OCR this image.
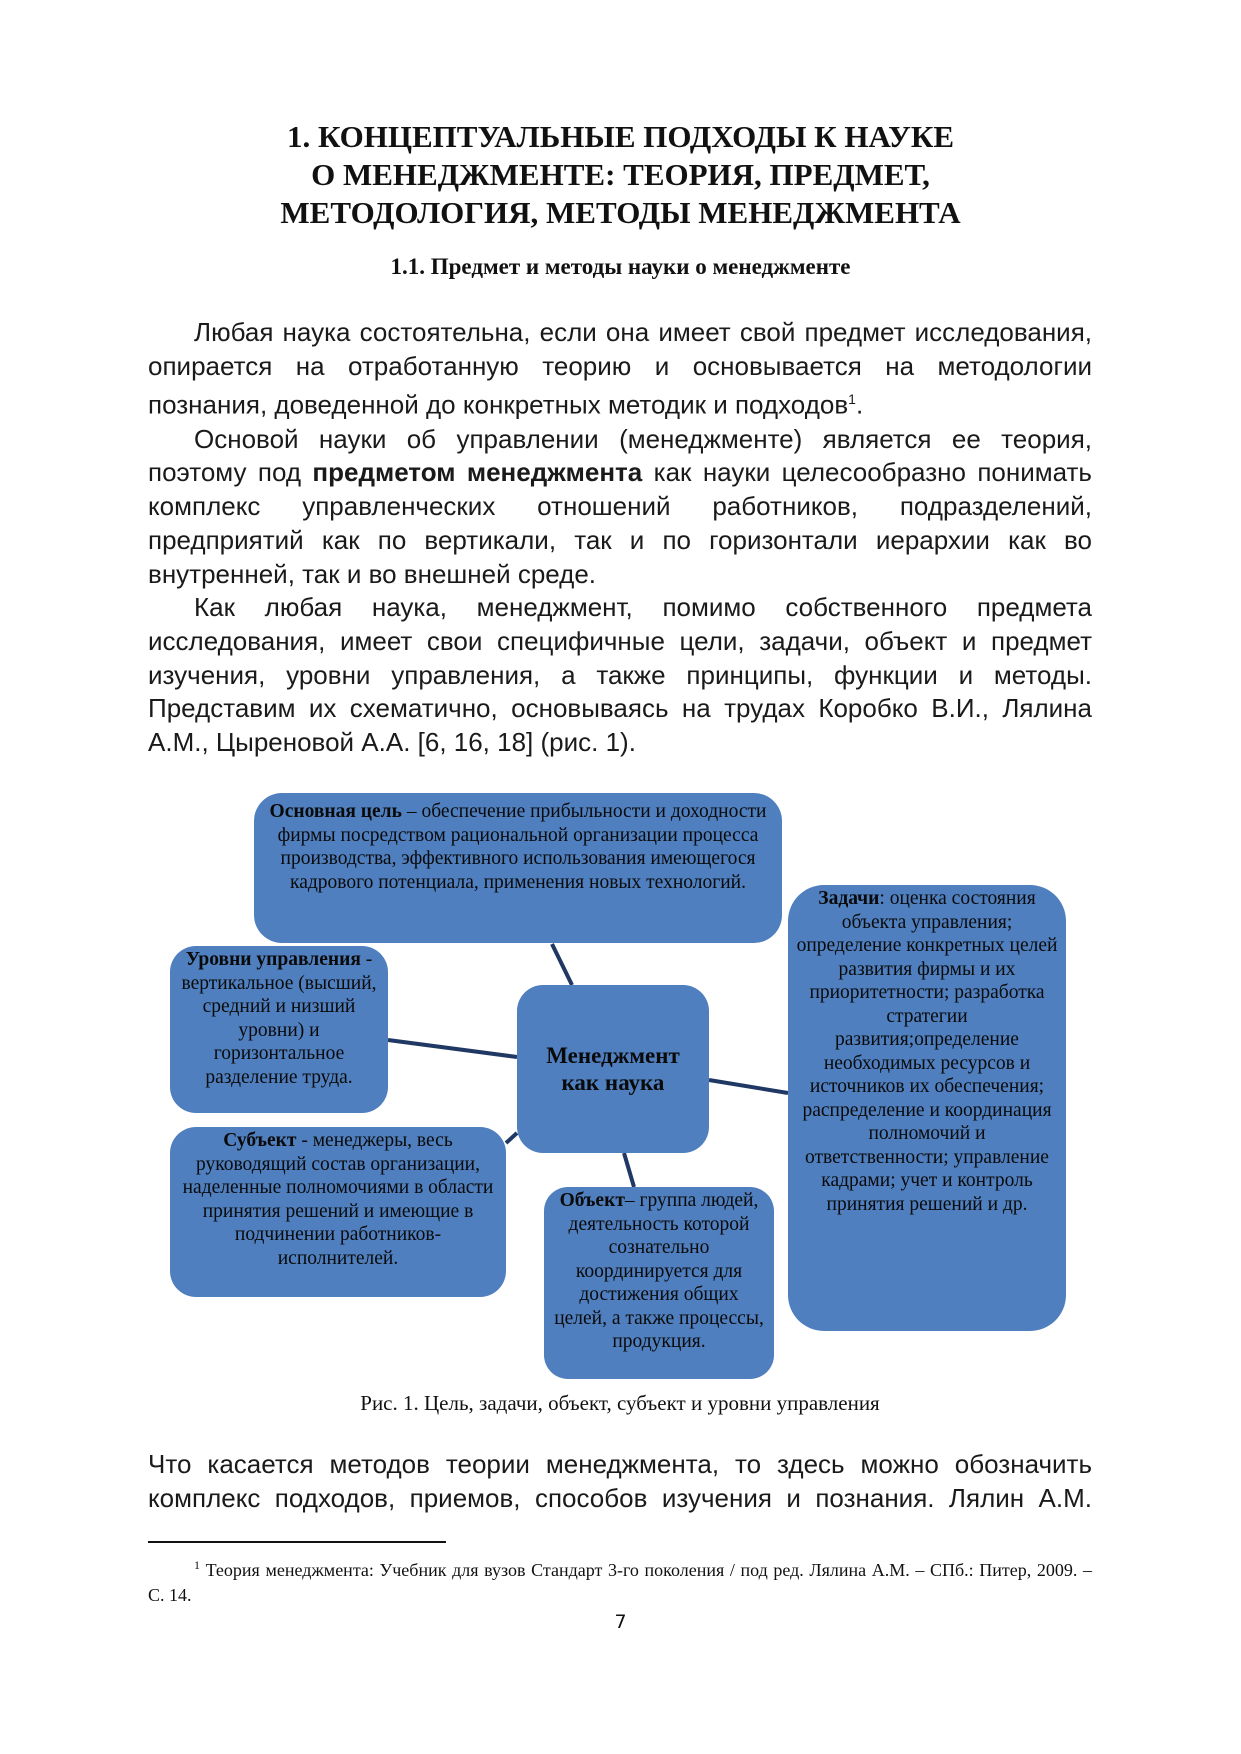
1. КОНЦЕПТУАЛЬНЫЕ ПОДХОДЫ К НАУКЕ
О МЕНЕДЖМЕНТЕ: ТЕОРИЯ, ПРЕДМЕТ,
МЕТОДОЛОГИЯ, МЕТОДЫ МЕНЕДЖМЕНТА
1.1. Предмет и методы науки о менеджменте

Любая наука состоятельна, если она имеет свой предмет исследования, опирается на отработанную теорию и основывается на методологии познания, доведенной до конкретных методик и подходов$^1$.

Основой науки об управлении (менеджменте) является ее теория, поэтому под предметом менеджмента как науки целесообразно понимать комплекс управленческих отношений работников, подразделений, предприятий как по вертикали, так и по горизонтали иерархии как во внутренней, так и во внешней среде.

Как любая наука, менеджмент, помимо собственного предмета исследования, имеет свои специфичные цели, задачи, объект и предмет изучения, уровни управления, а также принципы, функции и методы. Представим их схематично, основываясь на трудах Коробко В.И., Лялина А.М., Цыреновой А.А. [6, 16, 18] (рис. 1).

Основная цель – обеспечение прибыльности и доходности фирмы посредством рациональной организации процесса производства, эффективного использования имеющегося кадрового потенциала, применения новых технологий.
Уровни управления - вертикальное (высший, средний и низший уровни) и горизонтальное разделение труда.
Менеджмент
как наука
Субъект - менеджеры, весь руководящий состав организации, наделенные полномочиями в области принятия решений и имеющие в подчинении работников-исполнителей.
Объект– группа людей, деятельность которой сознательно координируется для достижения общих целей, а также процессы, продукция.
Задачи: оценка состояния объекта управления; определение конкретных целей развития фирмы и их приоритетности; разработка стратегии развития;определение необходимых ресурсов и источников их обеспечения; распределение и координация полномочий и ответственности; управление кадрами; учет и контроль принятия решений и др.

Рис. 1. Цель, задачи, объект, субъект и уровни управления

Что касается методов теории менеджмента, то здесь можно обозначить комплекс подходов, приемов, способов изучения и познания. Лялин А.М.

$^1$ Теория менеджмента: Учебник для вузов Стандарт 3-го поколения / под ред. Лялина А.М. – СПб.: Питер, 2009. – С. 14.

7
